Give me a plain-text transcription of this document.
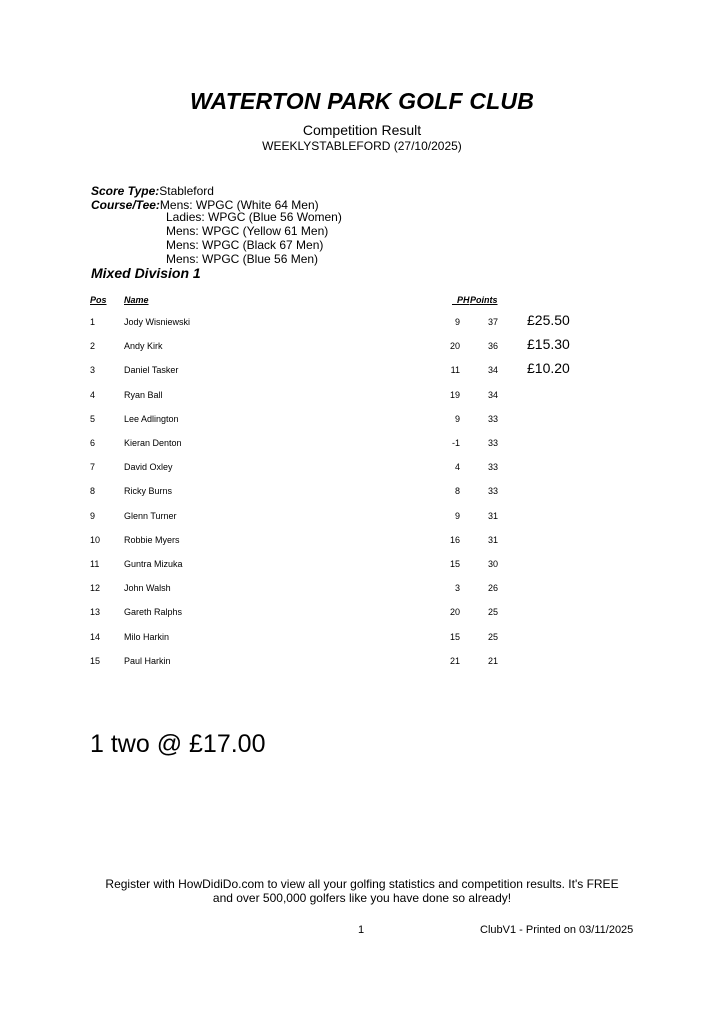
WATERTON PARK GOLF CLUB
Competition Result
WEEKLYSTABLEFORD (27/10/2025)
Score Type:Stableford
Course/Tee:Mens: WPGC (White 64 Men)
Ladies: WPGC (Blue 56 Women)
Mens: WPGC (Yellow 61 Men)
Mens: WPGC (Black 67 Men)
Mens: WPGC (Blue 56 Men)
Mixed Division 1
Pos Name	PH Points
1	Jody Wisniewski	9	37 £25.50
2	Andy Kirk	20	36 £15.30
3	Daniel Tasker	11	34 £10.20
4	Ryan Ball	19	34
5	Lee Adlington	9	33
6	Kieran Denton	-1	33
7	David Oxley	4	33
8	Ricky Burns	8	33
9	Glenn Turner	9	31
10	Robbie Myers	16	31
11	Guntra Mizuka	15	30
12	John Walsh	3	26
13	Gareth Ralphs	20	25
14	Milo Harkin	15	25
15	Paul Harkin	21	21
1 two @ £17.00
Register with HowDidiDo.com to view all your golfing statistics and competition results. It's FREE
and over 500,000 golfers like you have done so already!
1	ClubV1 - Printed on 03/11/2025
